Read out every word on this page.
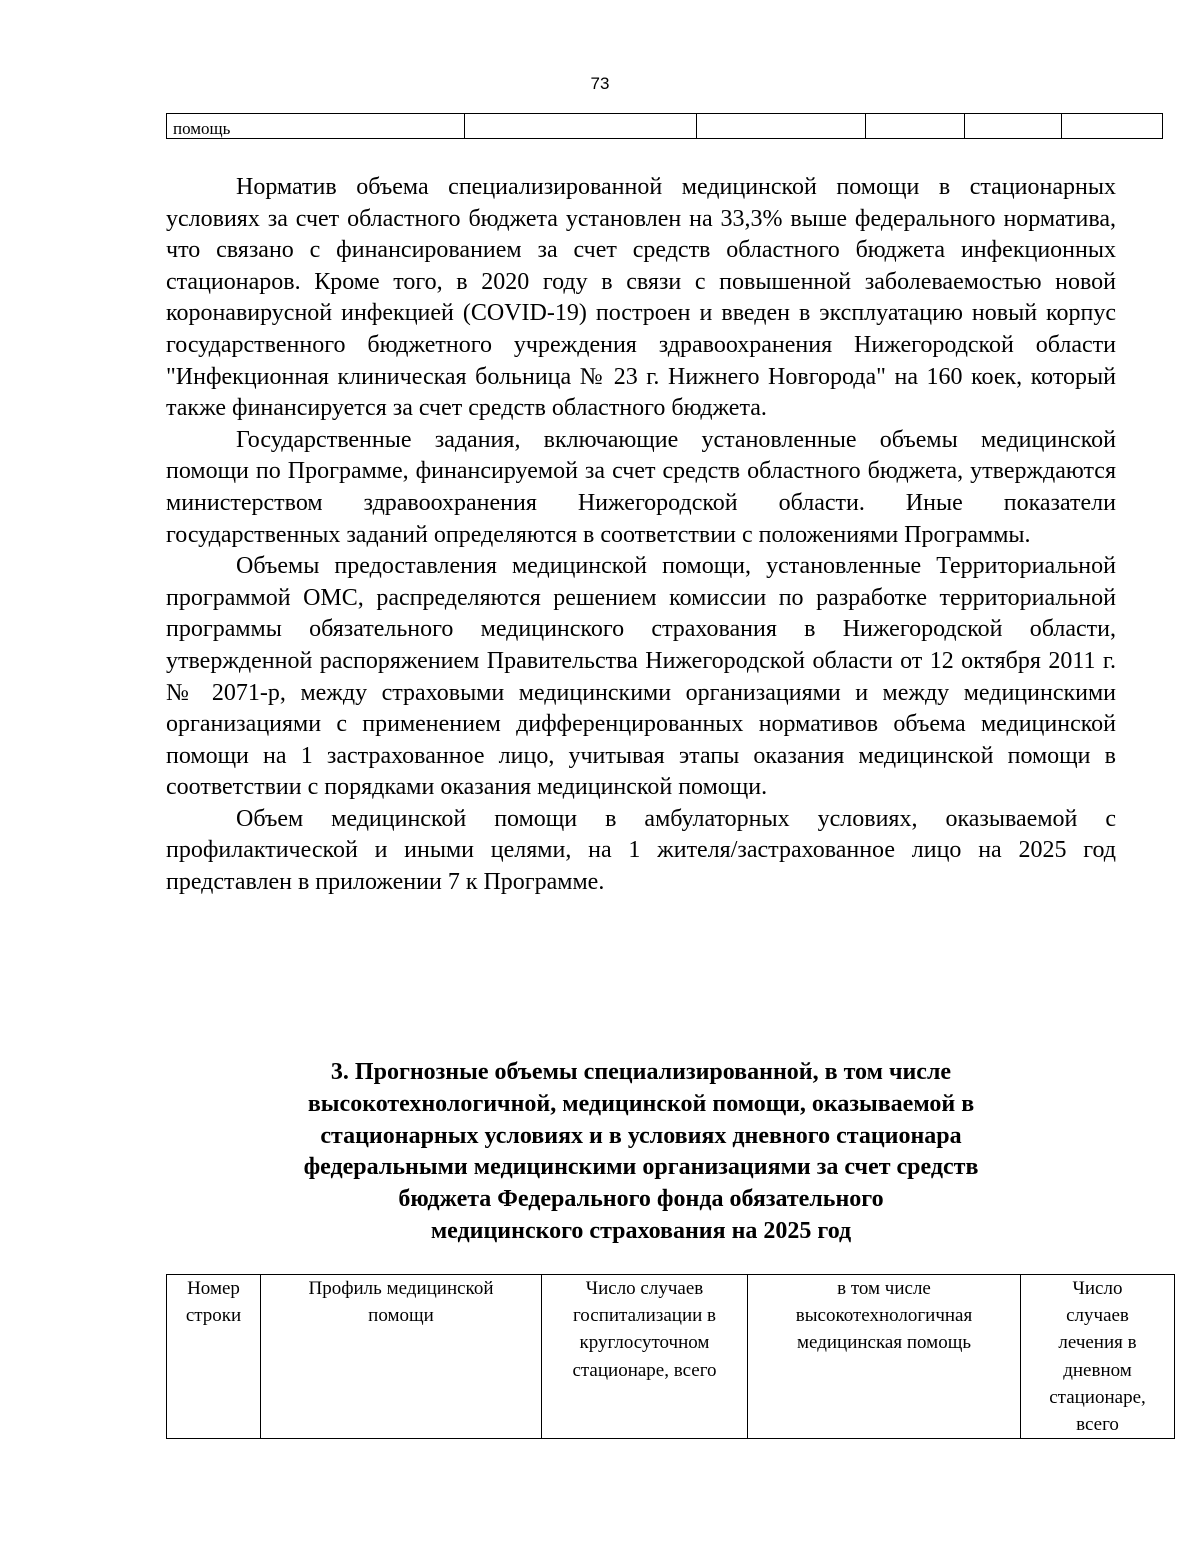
73
помощь					

Норматив объема специализированной медицинской помощи в стационарных условиях за счет областного бюджета установлен на 33,3% выше федерального норматива, что связано с финансированием за счет средств областного бюджета инфекционных стационаров. Кроме того, в 2020 году в связи с повышенной заболеваемостью новой коронавирусной инфекцией (COVID-19) построен и введен в эксплуатацию новый корпус государственного бюджетного учреждения здравоохранения Нижегородской области "Инфекционная клиническая больница № 23 г. Нижнего Новгорода" на 160 коек, который также финансируется за счет средств областного бюджета.

Государственные задания, включающие установленные объемы медицинской помощи по Программе, финансируемой за счет средств областного бюджета, утверждаются министерством здравоохранения Нижегородской области. Иные показатели государственных заданий определяются в соответствии с положениями Программы.

Объемы предоставления медицинской помощи, установленные Территориальной программой ОМС, распределяются решением комиссии по разработке территориальной программы обязательного медицинского страхования в Нижегородской области, утвержденной распоряжением Правительства Нижегородской области от 12 октября 2011 г. № 2071-р, между страховыми медицинскими организациями и между медицинскими организациями с применением дифференцированных нормативов объема медицинской помощи на 1 застрахованное лицо, учитывая этапы оказания медицинской помощи в соответствии с порядками оказания медицинской помощи.

Объем медицинской помощи в амбулаторных условиях, оказываемой с профилактической и иными целями, на 1 жителя/застрахованное лицо на 2025 год представлен в приложении 7 к Программе.

3. Прогнозные объемы специализированной, в том числе
высокотехнологичной, медицинской помощи, оказываемой в
стационарных условиях и в условиях дневного стационара
федеральными медицинскими организациями за счет средств
бюджета Федерального фонда обязательного
медицинского страхования на 2025 год
Номер
строки

Профиль медицинской
помощи

Число случаев
госпитализации в
круглосуточном
стационаре, всего

в том числе
высокотехнологичная
медицинская помощь

Число
случаев
лечения в
дневном
стационаре,
всего
